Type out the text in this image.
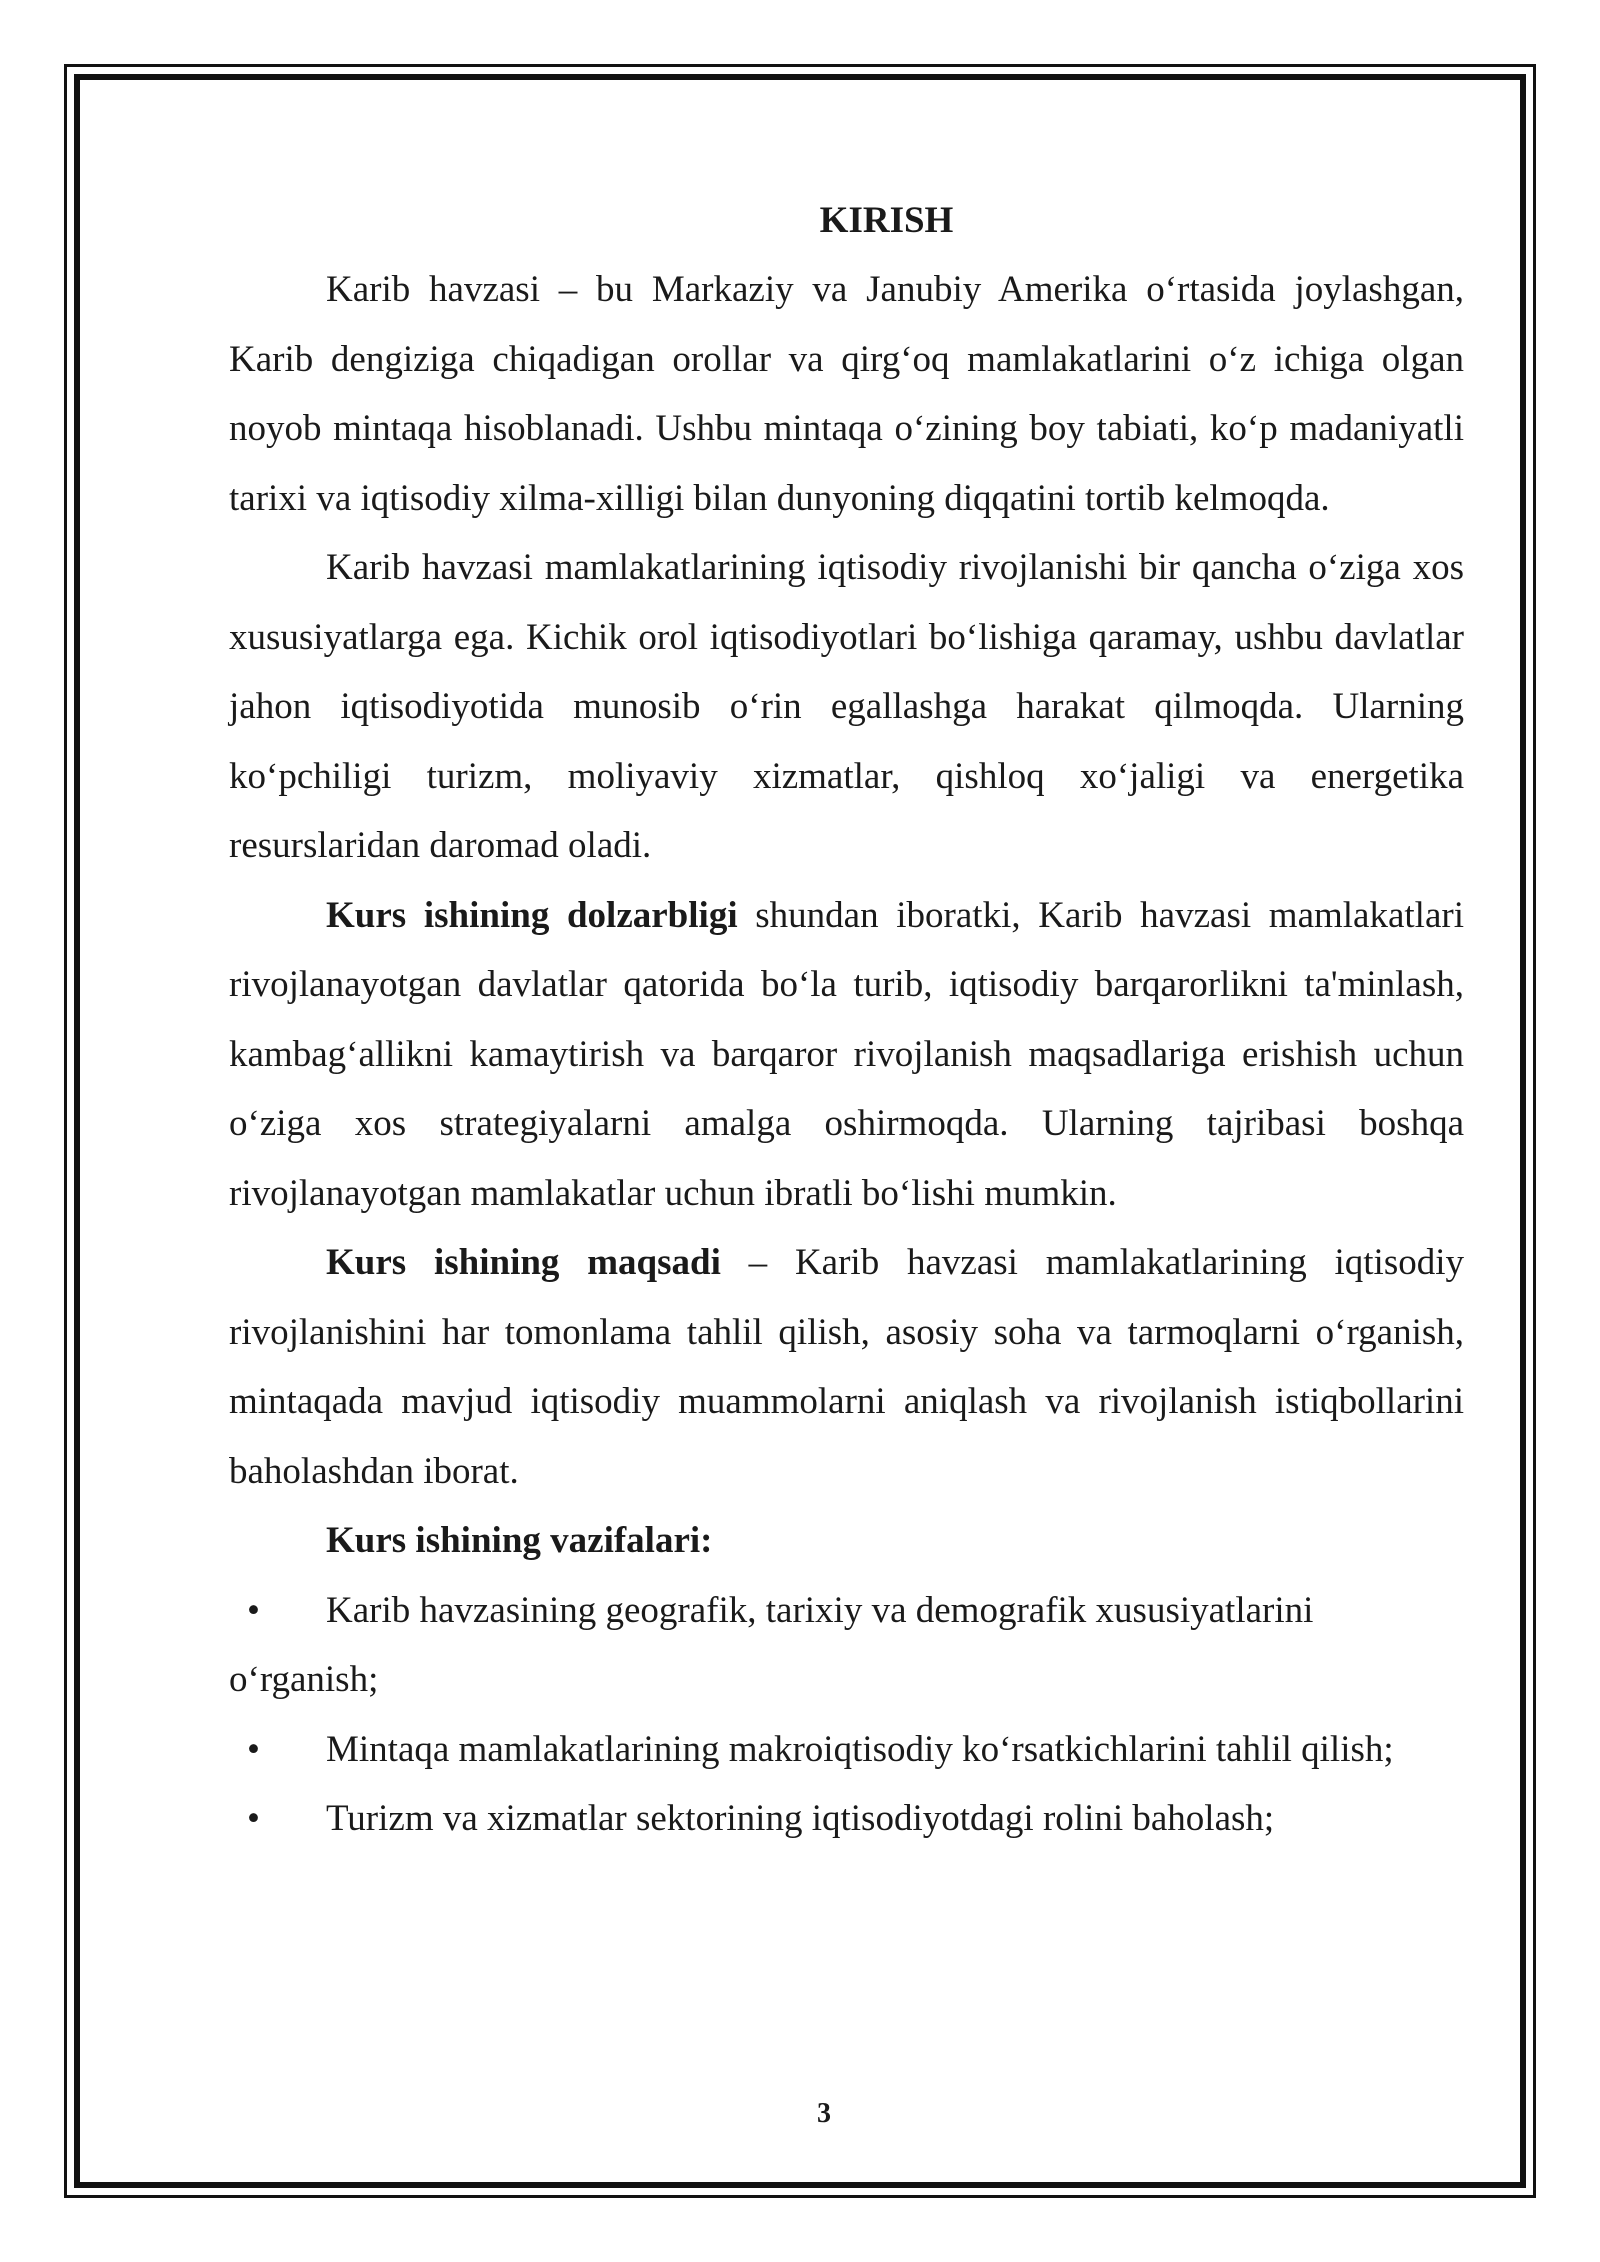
KIRISH

Karib havzasi – bu Markaziy va Janubiy Amerika o‘rtasida joylashgan, Karib dengiziga chiqadigan orollar va qirg‘oq mamlakatlarini o‘z ichiga olgan noyob mintaqa hisoblanadi. Ushbu mintaqa o‘zining boy tabiati, ko‘p madaniyatli tarixi va iqtisodiy xilma-xilligi bilan dunyoning diqqatini tortib kelmoqda.

Karib havzasi mamlakatlarining iqtisodiy rivojlanishi bir qancha o‘ziga xos xususiyatlarga ega. Kichik orol iqtisodiyotlari bo‘lishiga qaramay, ushbu davlatlar jahon iqtisodiyotida munosib o‘rin egallashga harakat qilmoqda. Ularning ko‘pchiligi turizm, moliyaviy xizmatlar, qishloq xo‘jaligi va energetika resurslaridan daromad oladi.

Kurs ishining dolzarbligi shundan iboratki, Karib havzasi mamlakatlari rivojlanayotgan davlatlar qatorida bo‘la turib, iqtisodiy barqarorlikni ta'minlash, kambag‘allikni kamaytirish va barqaror rivojlanish maqsadlariga erishish uchun o‘ziga xos strategiyalarni amalga oshirmoqda. Ularning tajribasi boshqa rivojlanayotgan mamlakatlar uchun ibratli bo‘lishi mumkin.

Kurs ishining maqsadi – Karib havzasi mamlakatlarining iqtisodiy rivojlanishini har tomonlama tahlil qilish, asosiy soha va tarmoqlarni o‘rganish, mintaqada mavjud iqtisodiy muammolarni aniqlash va rivojlanish istiqbollarini baholashdan iborat.

Kurs ishining vazifalari:

• Karib havzasining geografik, tarixiy va demografik xususiyatlarini o‘rganish;
• Mintaqa mamlakatlarining makroiqtisodiy ko‘rsatkichlarini tahlil qilish;
• Turizm va xizmatlar sektorining iqtisodiyotdagi rolini baholash;
3
